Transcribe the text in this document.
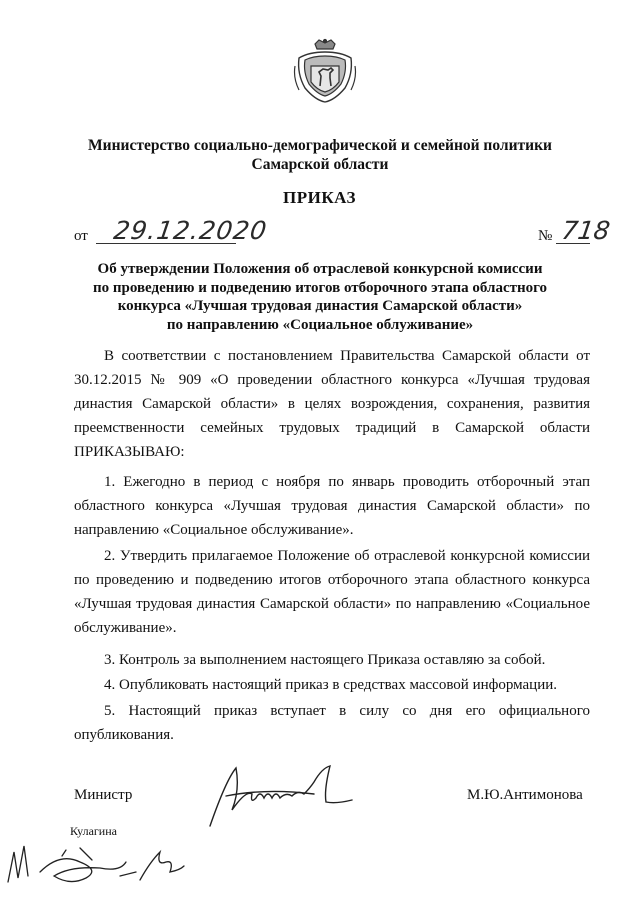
Министерство социально-демографической и семейной политики
Самарской области
ПРИКАЗ
от 29.12.2020	№ 718
Об утверждении Положения об отраслевой конкурсной комиссии
по проведению и подведению итогов отборочного этапа областного
конкурса «Лучшая трудовая династия Самарской области»
по направлению «Социальное облуживание»
В соответствии с постановлением Правительства Самарской области от 30.12.2015 № 909 «О проведении областного конкурса «Лучшая трудовая династия Самарской области» в целях возрождения, сохранения, развития преемственности семейных трудовых традиций в Самарской области ПРИКАЗЫВАЮ:
1. Ежегодно в период с ноября по январь проводить отборочный этап областного конкурса «Лучшая трудовая династия Самарской области» по направлению «Социальное обслуживание».
2. Утвердить прилагаемое Положение об отраслевой конкурсной комиссии по проведению и подведению итогов отборочного этапа областного конкурса «Лучшая трудовая династия Самарской области» по направлению «Социальное обслуживание».
3. Контроль за выполнением настоящего Приказа оставляю за собой.
4. Опубликовать настоящий приказ в средствах массовой информации.
5. Настоящий приказ вступает в силу со дня его официального опубликования.
Министр	М.Ю.Антимонова
Кулагина
